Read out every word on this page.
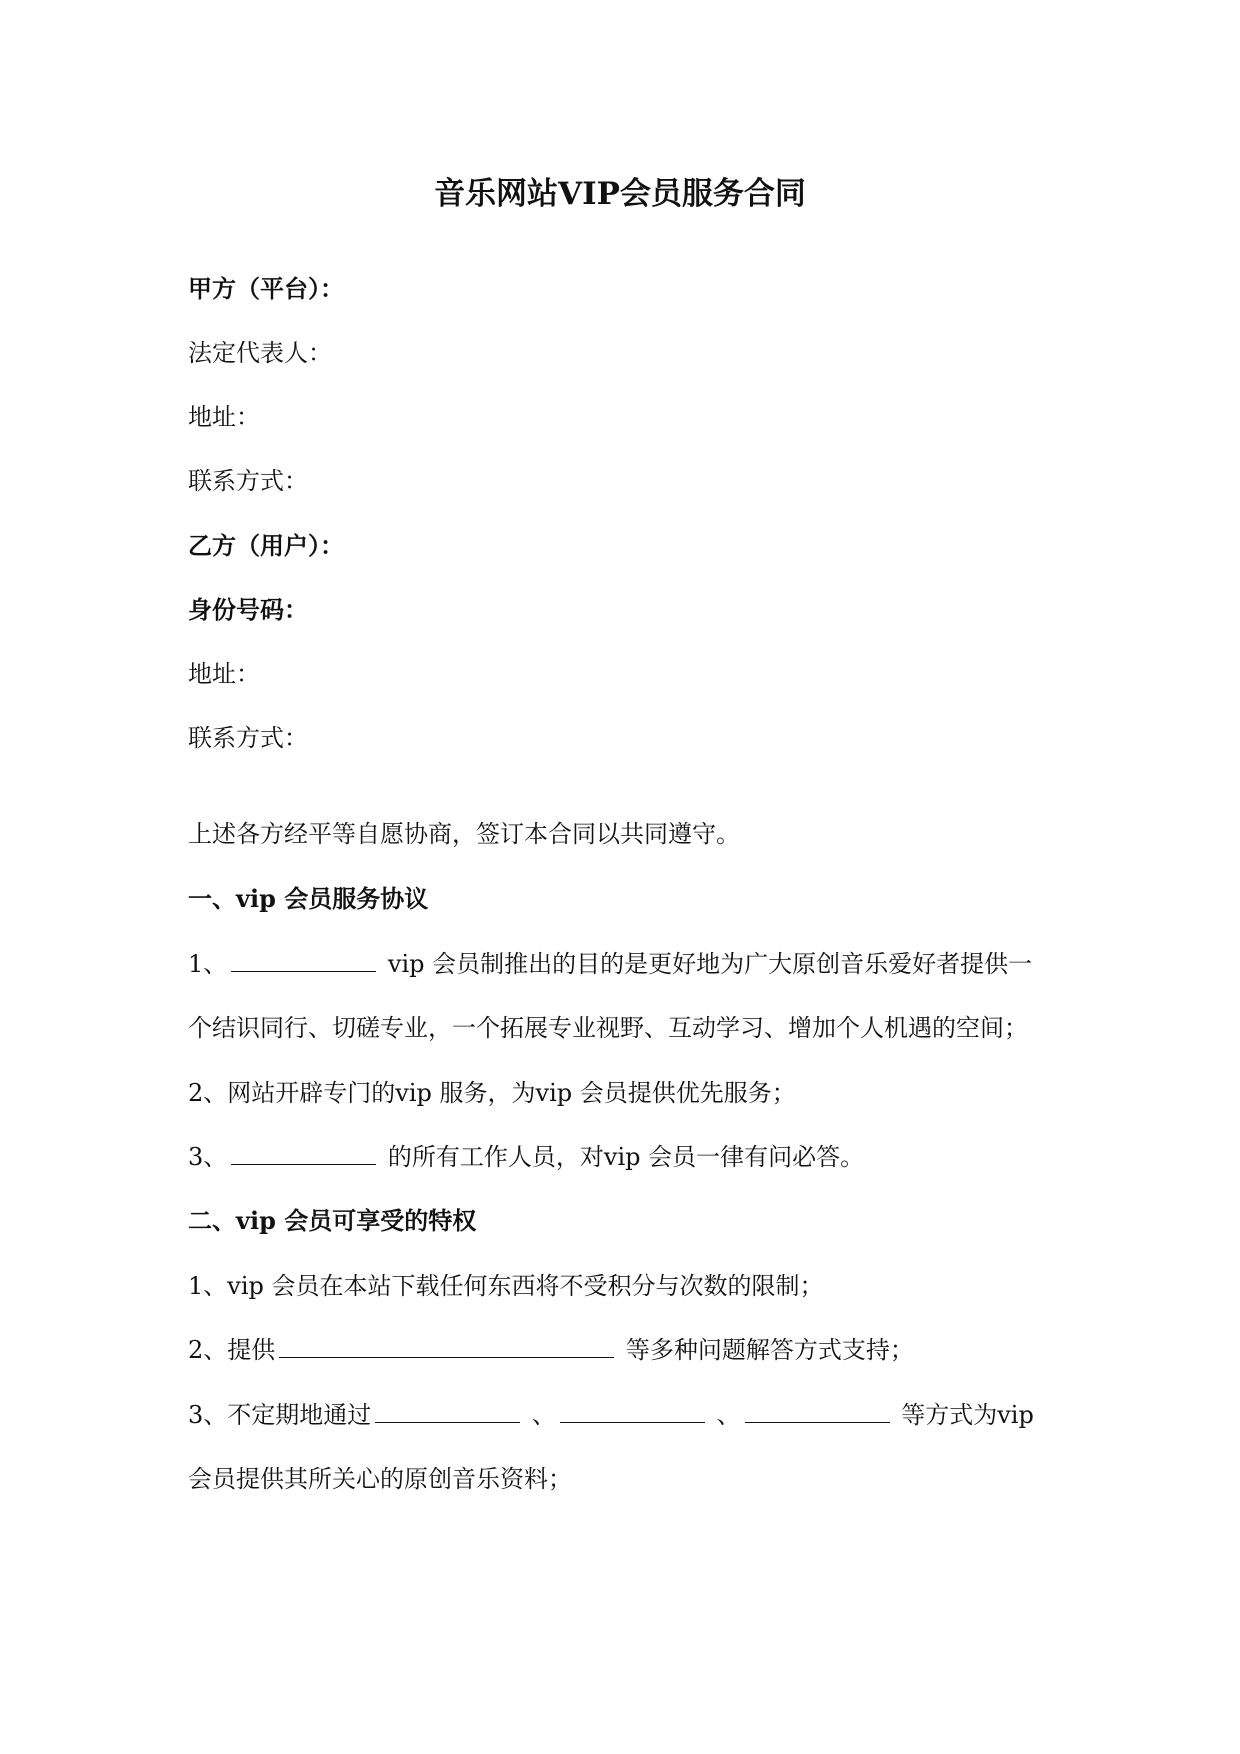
音乐网站VIP会员服务合同

甲方（平台）：

法定代表人：

地址：

联系方式：

乙方（用户）：

身份号码：

地址：

联系方式：

上述各方经平等自愿协商，签订本合同以共同遵守。

一、vip 会员服务协议

1、	vip 会员制推出的目的是更好地为广大原创音乐爱好者提供一

个结识同行、切磋专业，一个拓展专业视野、互动学习、增加个人机遇的空间；

2、网站开辟专门的vip 服务，为vip 会员提供优先服务；

3、	的所有工作人员，对vip 会员一律有问必答。

二、vip 会员可享受的特权

1、vip 会员在本站下载任何东西将不受积分与次数的限制；

2、提供	等多种问题解答方式支持；

3、不定期地通过	、	、	等方式为vip

会员提供其所关心的原创音乐资料；
